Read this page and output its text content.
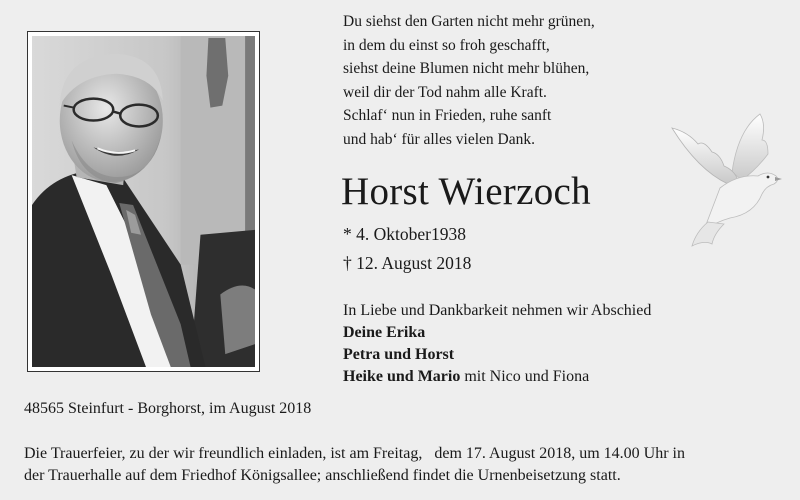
Du siehst den Garten nicht mehr grünen,
in dem du einst so froh geschafft,
siehst deine Blumen nicht mehr blühen,
weil dir der Tod nahm alle Kraft.
Schlaf‘ nun in Frieden, ruhe sanft
und hab‘ für alles vielen Dank.
Horst Wierzoch
* 4. Oktober1938
† 12. August 2018
In Liebe und Dankbarkeit nehmen wir Abschied
Deine Erika
Petra und Horst
Heike und Mario mit Nico und Fiona
48565 Steinfurt - Borghorst, im August 2018
Die Trauerfeier, zu der wir freundlich einladen, ist am Freitag,   dem 17. August 2018, um 14.00 Uhr in
der Trauerhalle auf dem Friedhof Königsallee; anschließend findet die Urnenbeisetzung statt.
